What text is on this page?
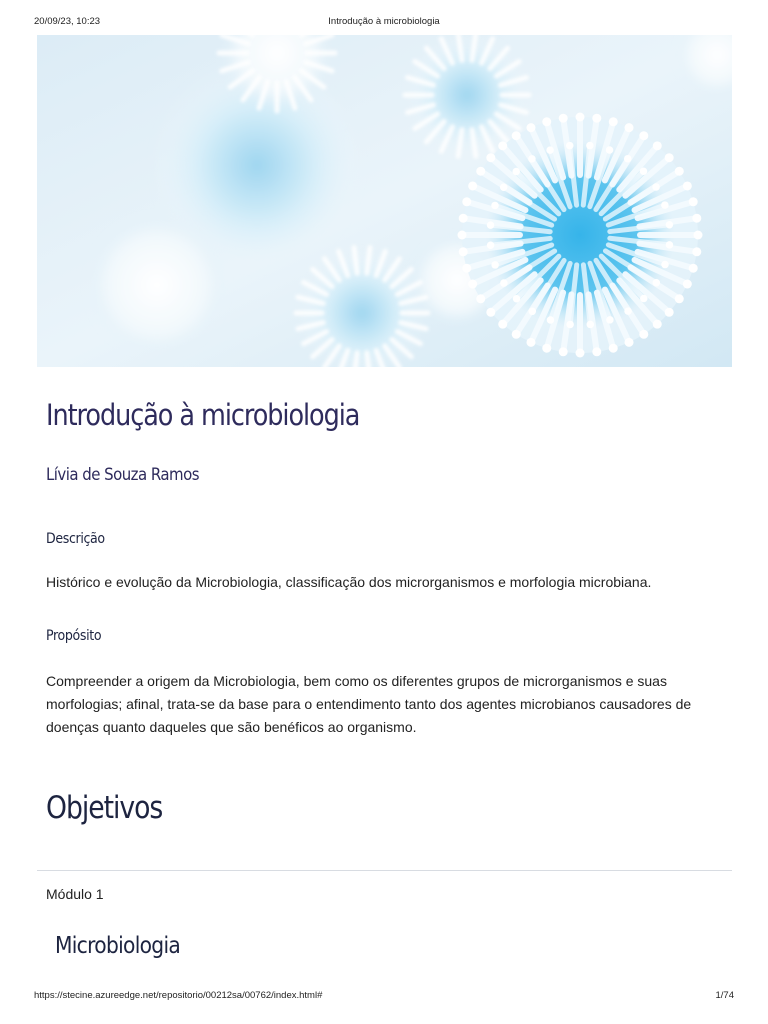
20/09/23, 10:23	Introdução à microbiologia
Introdução à microbiologia
Lívia de Souza Ramos
Descrição

Histórico e evolução da Microbiologia, classificação dos microrganismos e morfologia microbiana.

Propósito

Compreender a origem da Microbiologia, bem como os diferentes grupos de microrganismos e suas morfologias; afinal, trata-se da base para o entendimento tanto dos agentes microbianos causadores de doenças quanto daqueles que são benéficos ao organismo.

Objetivos

Módulo 1

Microbiologia
https://stecine.azureedge.net/repositorio/00212sa/00762/index.html#	1/74
